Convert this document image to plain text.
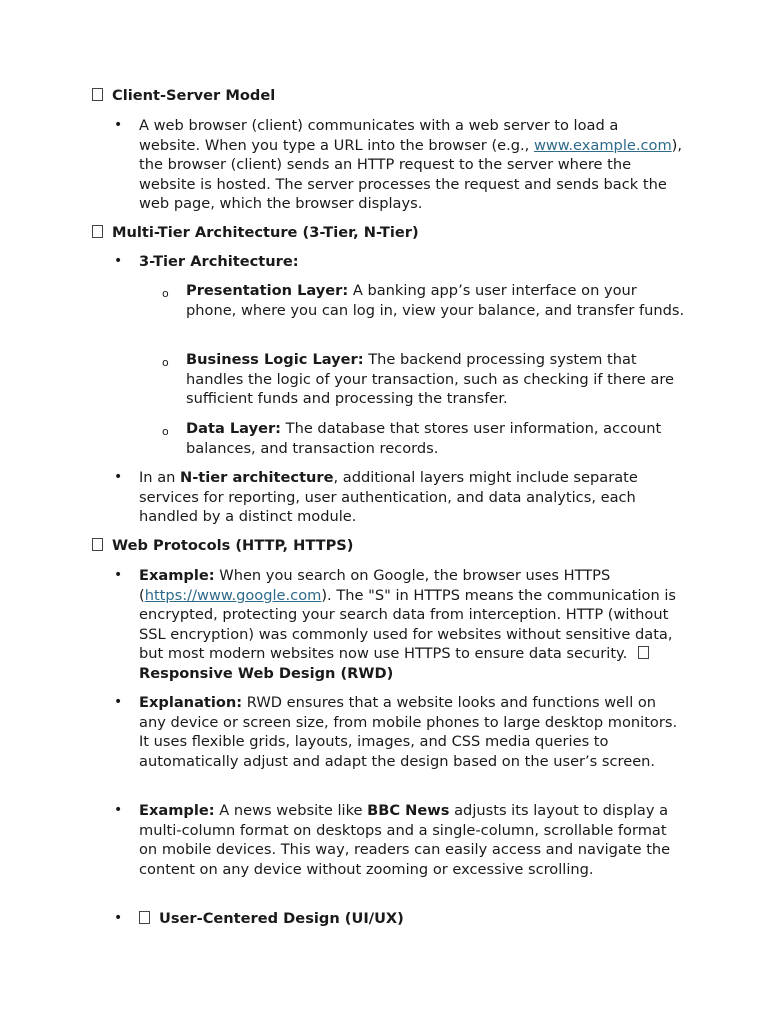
Client-Server Model
• A web browser (client) communicates with a web server to load a website. When you type a URL into the browser (e.g., www.example.com), the browser (client) sends an HTTP request to the server where the website is hosted. The server processes the request and sends back the web page, which the browser displays.
Multi-Tier Architecture (3-Tier, N-Tier)
• 3-Tier Architecture:
o Presentation Layer: A banking app’s user interface on your phone, where you can log in, view your balance, and transfer funds.
o Business Logic Layer: The backend processing system that handles the logic of your transaction, such as checking if there are sufficient funds and processing the transfer.
o Data Layer: The database that stores user information, account balances, and transaction records.
• In an N-tier architecture, additional layers might include separate services for reporting, user authentication, and data analytics, each handled by a distinct module.
Web Protocols (HTTP, HTTPS)
• Example: When you search on Google, the browser uses HTTPS (https://www.google.com). The "S" in HTTPS means the communication is encrypted, protecting your search data from interception. HTTP (without SSL encryption) was commonly used for websites without sensitive data, but most modern websites now use HTTPS to ensure data security. Responsive Web Design (RWD)
• Explanation: RWD ensures that a website looks and functions well on any device or screen size, from mobile phones to large desktop monitors. It uses flexible grids, layouts, images, and CSS media queries to automatically adjust and adapt the design based on the user’s screen.
• Example: A news website like BBC News adjusts its layout to display a multi-column format on desktops and a single-column, scrollable format on mobile devices. This way, readers can easily access and navigate the content on any device without zooming or excessive scrolling.
•	User-Centered Design (UI/UX)
